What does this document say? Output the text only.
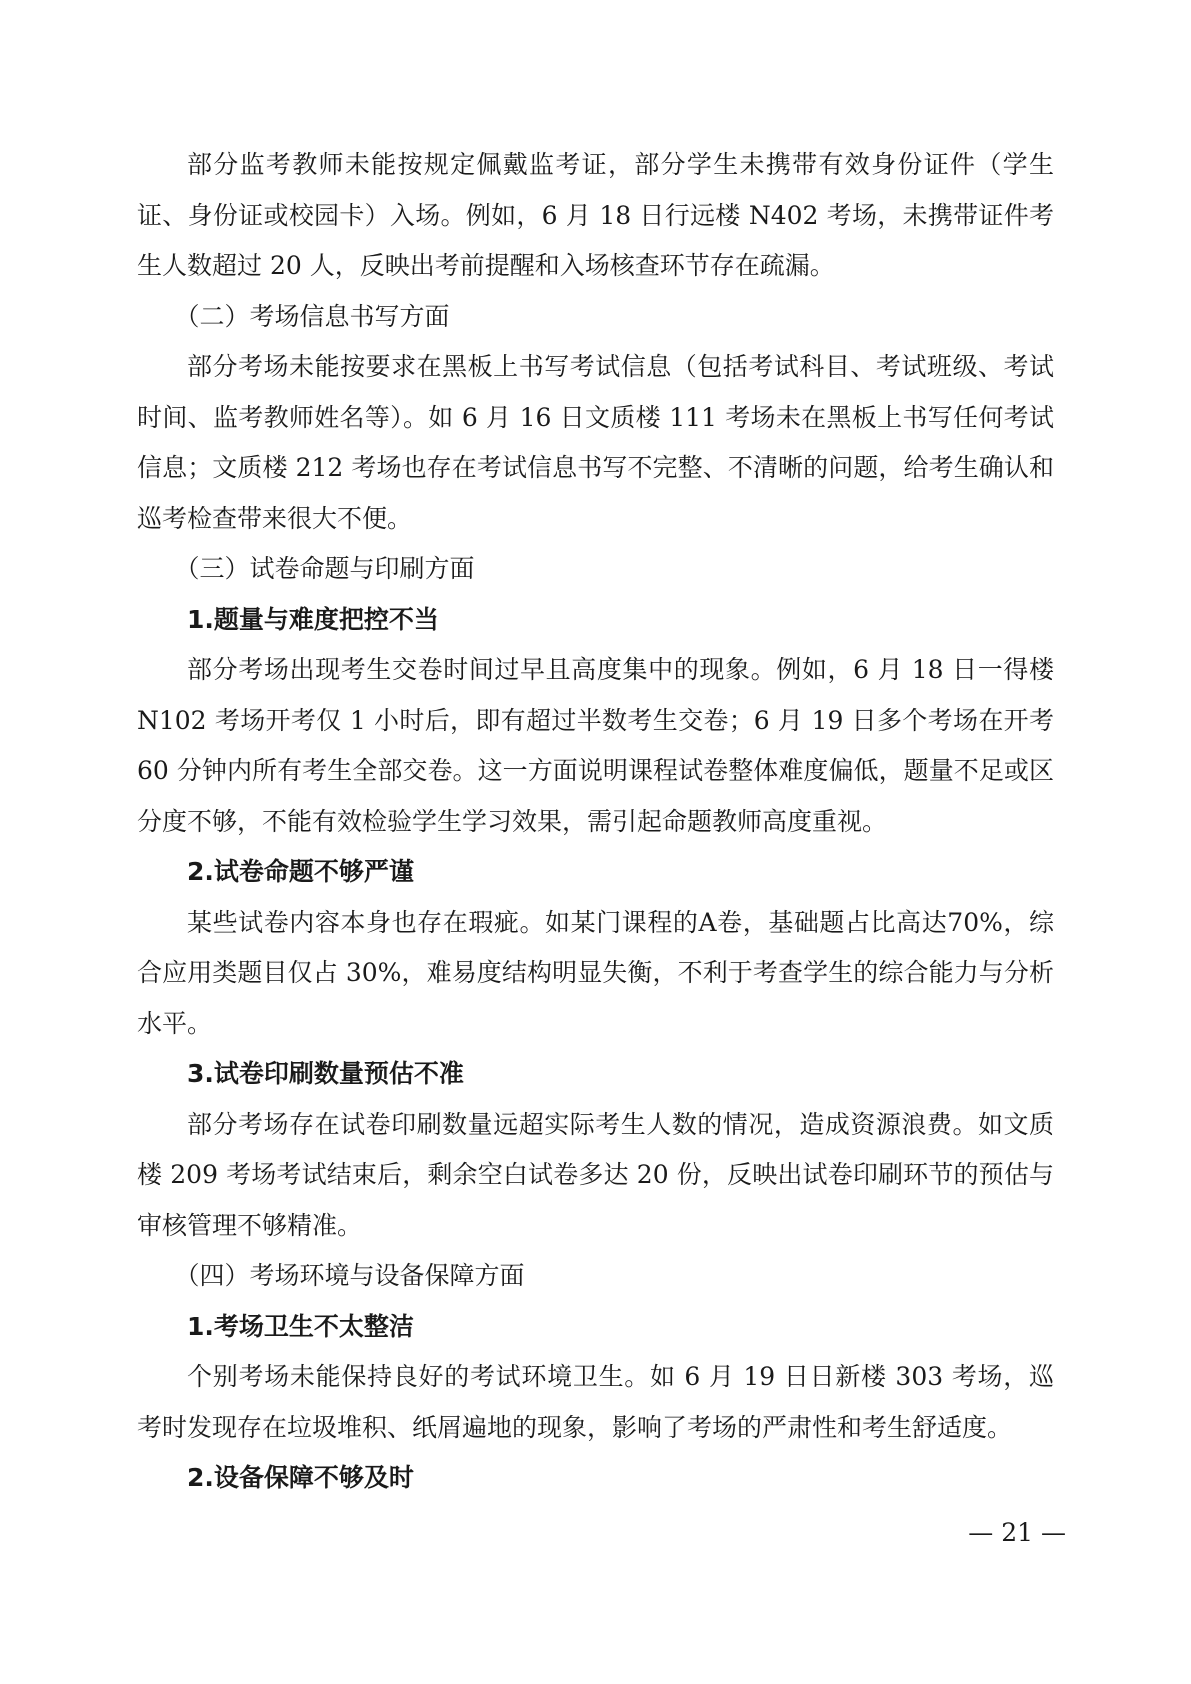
部分监考教师未能按规定佩戴监考证，部分学生未携带有效身份证件（学生证、身份证或校园卡）入场。例如，6 月 18 日行远楼 N402 考场，未携带证件考生人数超过 20 人，反映出考前提醒和入场核查环节存在疏漏。

（二）考场信息书写方面

部分考场未能按要求在黑板上书写考试信息（包括考试科目、考试班级、考试时间、监考教师姓名等）。如 6 月 16 日文质楼 111 考场未在黑板上书写任何考试信息；文质楼 212 考场也存在考试信息书写不完整、不清晰的问题，给考生确认和巡考检查带来很大不便。

（三）试卷命题与印刷方面

1.题量与难度把控不当

部分考场出现考生交卷时间过早且高度集中的现象。例如，6 月 18 日一得楼 N102 考场开考仅 1 小时后，即有超过半数考生交卷；6 月 19 日多个考场在开考 60 分钟内所有考生全部交卷。这一方面说明课程试卷整体难度偏低，题量不足或区分度不够，不能有效检验学生学习效果，需引起命题教师高度重视。

2.试卷命题不够严谨

某些试卷内容本身也存在瑕疵。如某门课程的A卷，基础题占比高达70%，综合应用类题目仅占 30%，难易度结构明显失衡，不利于考查学生的综合能力与分析水平。

3.试卷印刷数量预估不准

部分考场存在试卷印刷数量远超实际考生人数的情况，造成资源浪费。如文质楼 209 考场考试结束后，剩余空白试卷多达 20 份，反映出试卷印刷环节的预估与审核管理不够精准。

（四）考场环境与设备保障方面

1.考场卫生不太整洁

个别考场未能保持良好的考试环境卫生。如 6 月 19 日日新楼 303 考场，巡考时发现存在垃圾堆积、纸屑遍地的现象，影响了考场的严肃性和考生舒适度。

2.设备保障不够及时

— 21 —
